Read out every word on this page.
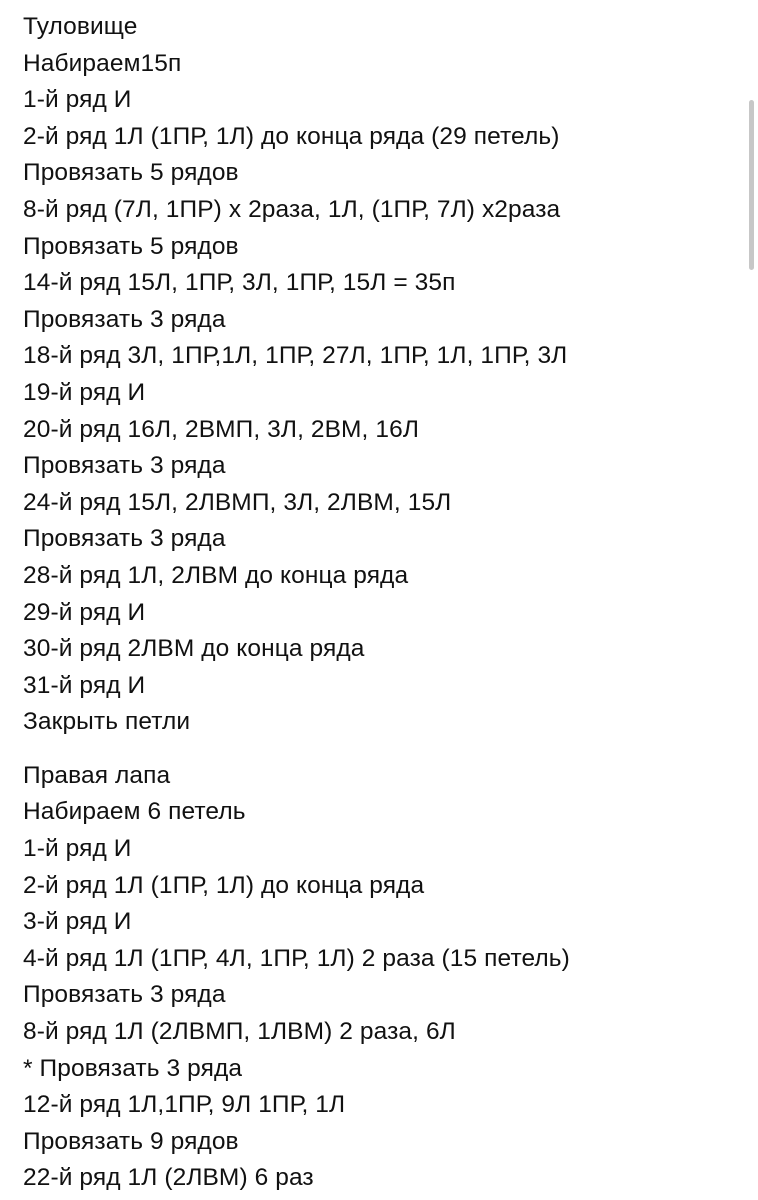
Туловище
Набираем15п
1-й ряд И
2-й ряд 1Л (1ПР, 1Л) до конца ряда (29 петель)
Провязать 5 рядов
8-й ряд (7Л, 1ПР) x 2раза, 1Л, (1ПР, 7Л) x2раза
Провязать 5 рядов
14-й ряд 15Л, 1ПР, 3Л, 1ПР, 15Л = 35п
Провязать 3 ряда
18-й ряд 3Л, 1ПР,1Л, 1ПР, 27Л, 1ПР, 1Л, 1ПР, 3Л
19-й ряд И
20-й ряд 16Л, 2ВМП, 3Л, 2ВМ, 16Л
Провязать 3 ряда
24-й ряд 15Л, 2ЛВМП, 3Л, 2ЛВМ, 15Л
Провязать 3 ряда
28-й ряд 1Л, 2ЛВМ до конца ряда
29-й ряд И
30-й ряд 2ЛВМ до конца ряда
31-й ряд И
Закрыть петли
Правая лапа
Набираем 6 петель
1-й ряд И
2-й ряд 1Л (1ПР, 1Л) до конца ряда
3-й ряд И
4-й ряд 1Л (1ПР, 4Л, 1ПР, 1Л) 2 раза (15 петель)
Провязать 3 ряда
8-й ряд 1Л (2ЛВМП, 1ЛВМ) 2 раза, 6Л
* Провязать 3 ряда
12-й ряд 1Л,1ПР, 9Л 1ПР, 1Л
Провязать 9 рядов
22-й ряд 1Л (2ЛВМ) 6 раз
